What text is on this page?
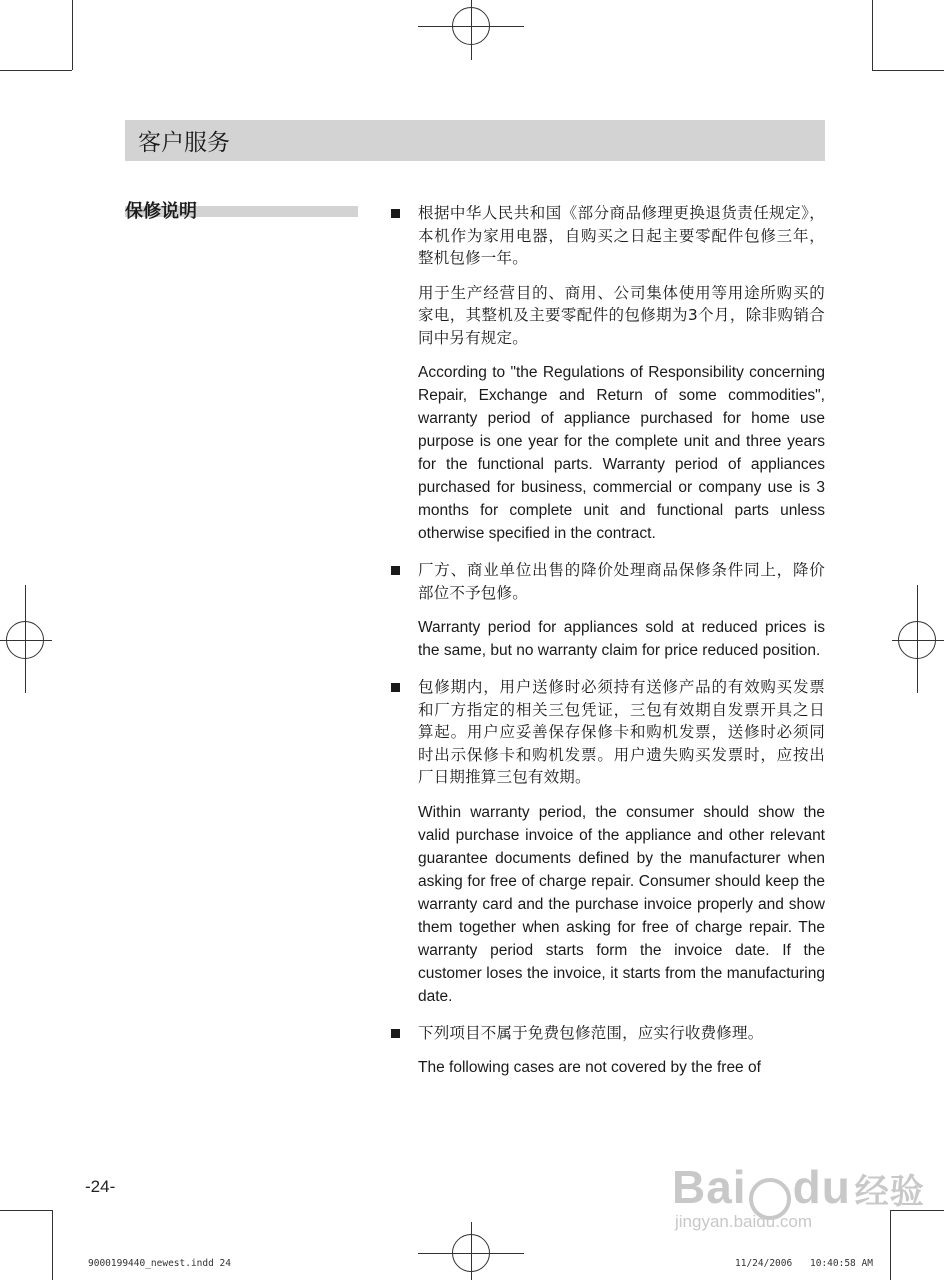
客户服务
保修说明	根据中华人民共和国《部分商品修理更换退货责任规定》，本机作为家用电器，自购买之日起主要零配件包修三年，整机包修一年。

用于生产经营目的、商用、公司集体使用等用途所购买的家电，其整机及主要零配件的包修期为3个月，除非购销合同中另有规定。

According to "the Regulations of Responsibility concerning Repair, Exchange and Return of some commodities", warranty period of appliance purchased for home use purpose is one year for the complete unit and three years for the functional parts. Warranty period of appliances purchased for business, commercial or company use is 3 months for complete unit and functional parts unless otherwise specified in the contract.

厂方、商业单位出售的降价处理商品保修条件同上，降价部位不予包修。

Warranty period for appliances sold at reduced prices is the same, but no warranty claim for price reduced position.

包修期内，用户送修时必须持有送修产品的有效购买发票和厂方指定的相关三包凭证，三包有效期自发票开具之日算起。用户应妥善保存保修卡和购机发票，送修时必须同时出示保修卡和购机发票。用户遗失购买发票时，应按出厂日期推算三包有效期。

Within warranty period, the consumer should show the valid purchase invoice of the appliance and other relevant guarantee documents defined by the manufacturer when asking for free of charge repair. Consumer should keep the warranty card and the purchase invoice properly and show them together when asking for free of charge repair. The warranty period starts form the invoice date. If the customer loses the invoice, it starts from the manufacturing date.

下列项目不属于免费包修范围，应实行收费修理。

The following cases are not covered by the free of

-24-
9000199440_newest.indd 24	11/24/2006 10:40:58 AM
Bai du 经验
jingyan.baidu.com
